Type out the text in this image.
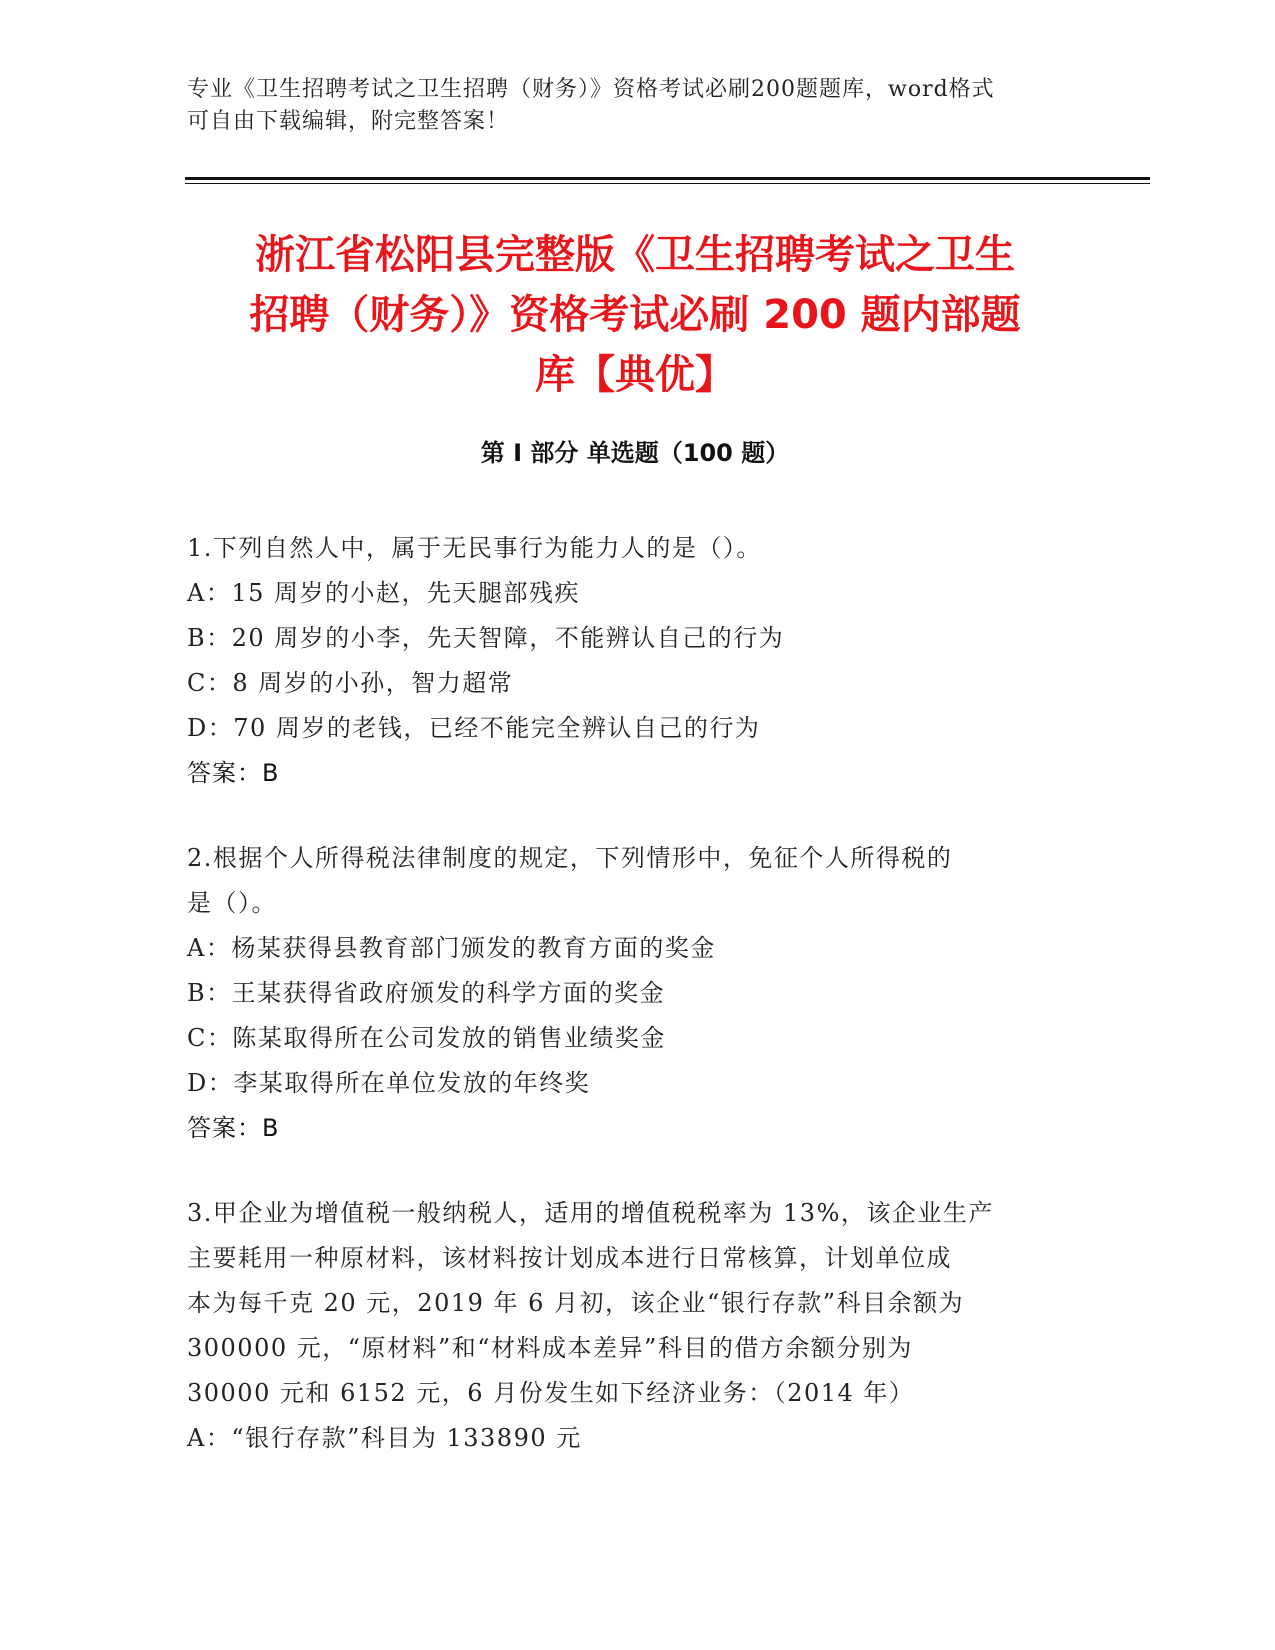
专业《卫生招聘考试之卫生招聘（财务）》资格考试必刷200题题库，word格式
可自由下载编辑，附完整答案！
浙江省松阳县完整版《卫生招聘考试之卫生
招聘（财务）》资格考试必刷 200 题内部题
库【典优】
第 I 部分 单选题（100 题）
1.下列自然人中，属于无民事行为能力人的是（）。
A：15 周岁的小赵，先天腿部残疾
B：20 周岁的小李，先天智障，不能辨认自己的行为
C：8 周岁的小孙，智力超常
D：70 周岁的老钱，已经不能完全辨认自己的行为
答案：B
2.根据个人所得税法律制度的规定，下列情形中，免征个人所得税的
是（）。
A：杨某获得县教育部门颁发的教育方面的奖金
B：王某获得省政府颁发的科学方面的奖金
C：陈某取得所在公司发放的销售业绩奖金
D：李某取得所在单位发放的年终奖
答案：B
3.甲企业为增值税一般纳税人，适用的增值税税率为 13%，该企业生产
主要耗用一种原材料，该材料按计划成本进行日常核算，计划单位成
本为每千克 20 元，2019 年 6 月初，该企业“银行存款”科目余额为
300000 元，“原材料”和“材料成本差异”科目的借方余额分别为
30000 元和 6152 元，6 月份发生如下经济业务：（2014 年）
A：“银行存款”科目为 133890 元
